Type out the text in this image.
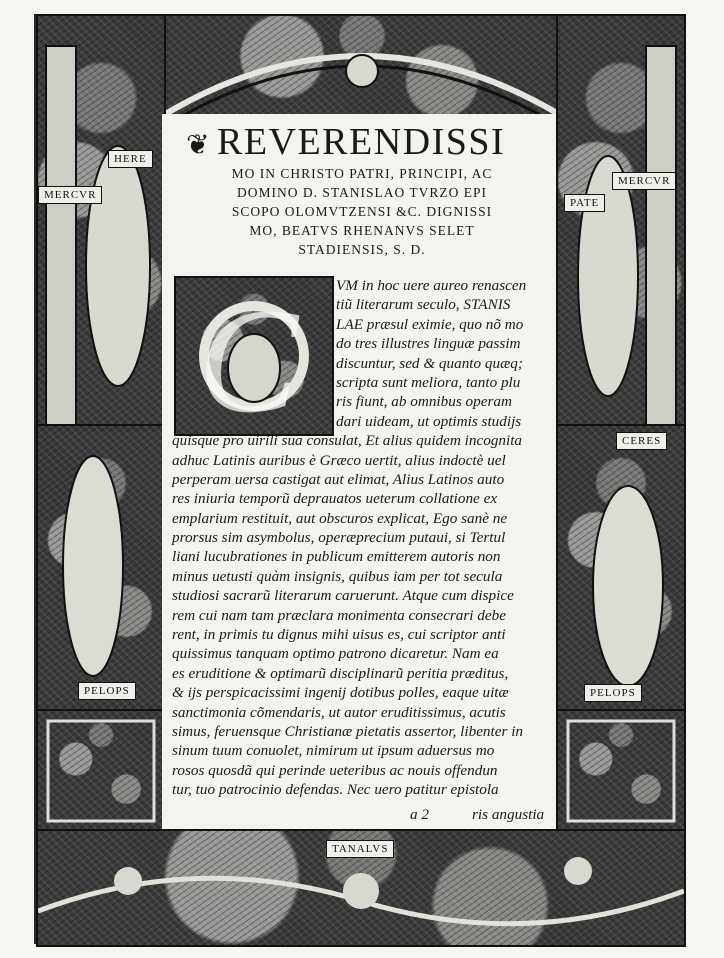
MERCVR
HERE
PATE
MERCVR
CERES
PELOPS	PELOPS
TANALVS
❦ REVERENDISSI
MO IN CHRISTO PATRI, PRINCIPI, AC
DOMINO D. STANISLAO TVRZO EPI
SCOPO OLOMVTZENSI &C. DIGNISSI
MO, BEATVS RHENANVS SELET
STADIENSIS, S. D.
C	VM in hoc uere aureo renascen
tiũ literarum seculo, STANIS
LAE præsul eximie, quo nõ mo
do tres illustres linguæ passim
discuntur, sed & quanto quæq;
scripta sunt meliora, tanto plu
ris fiunt, ab omnibus operam
dari uideam, ut optimis studijs
quisque pro uirili sua consulat, Et alius quidem incognita
adhuc Latinis auribus è Græco uertit, alius indoctè uel
perperam uersa castigat aut elimat, Alius Latinos auto
res iniuria temporũ deprauatos ueterum collatione ex
emplarium restituit, aut obscuros explicat, Ego sanè ne
prorsus sim asymbolus, operæprecium putaui, si Tertul
liani lucubrationes in publicum emitterem autoris non
minus uetusti quàm insignis, quibus iam per tot secula
studiosi sacrarũ literarum caruerunt. Atque cum dispice
rem cui nam tam præclara monimenta consecrari debe
rent, in primis tu dignus mihi uisus es, cui scriptor anti
quissimus tanquam optimo patrono dicaretur. Nam ea
es eruditione & optimarũ disciplinarũ peritia præditus,
& ijs perspicacissimi ingenij dotibus polles, eaque uitæ
sanctimonia cõmendaris, ut autor eruditissimus, acutis
simus, feruensque Christianæ pietatis assertor, libenter in
sinum tuum conuolet, nimirum ut ipsum aduersus mo
rosos quosdã qui perinde ueteribus ac nouis offendun
tur, tuo patrocinio defendas. Nec uero patitur epistola
a 2	ris angustia
